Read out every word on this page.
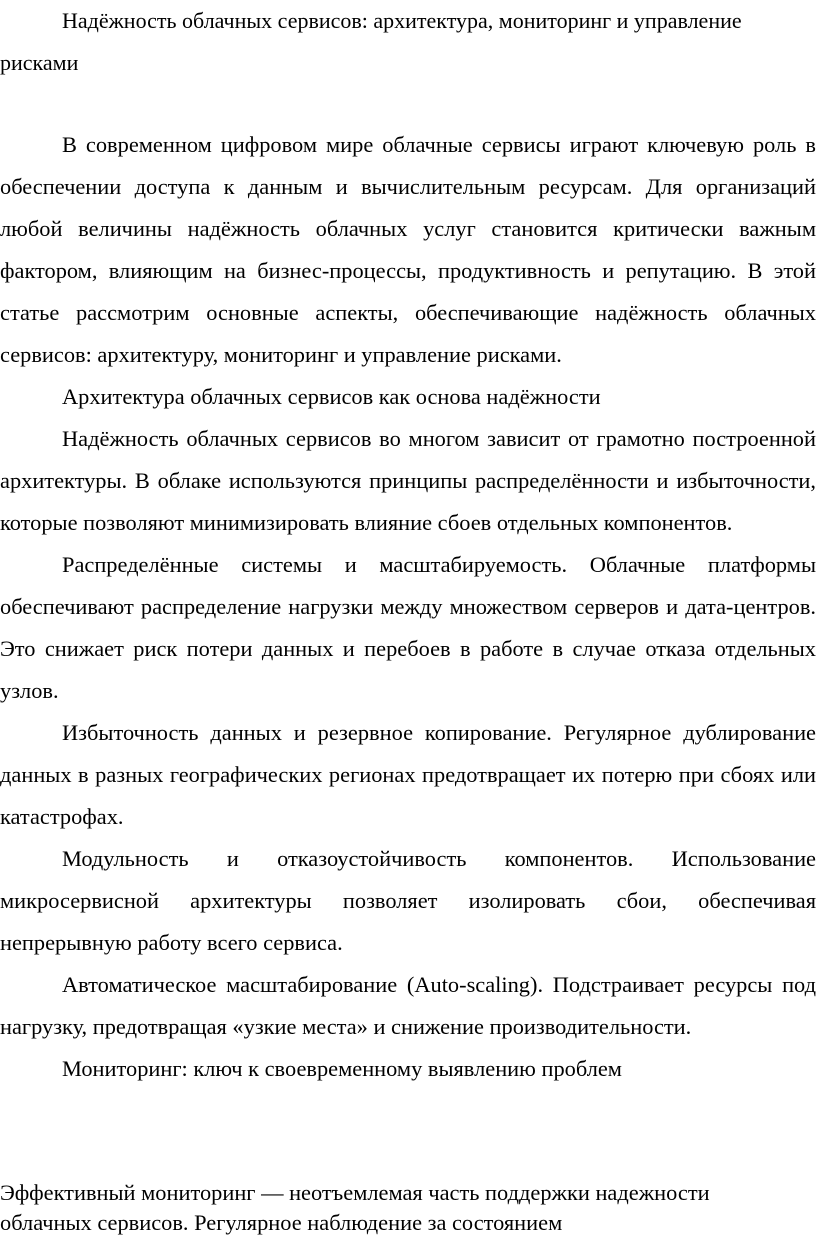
Надёжность облачных сервисов: архитектура, мониторинг и управление рисками

В современном цифровом мире облачные сервисы играют ключевую роль в обеспечении доступа к данным и вычислительным ресурсам. Для организаций любой величины надёжность облачных услуг становится критически важным фактором, влияющим на бизнес-процессы, продуктивность и репутацию. В этой статье рассмотрим основные аспекты, обеспечивающие надёжность облачных сервисов: архитектуру, мониторинг и управление рисками.

Архитектура облачных сервисов как основа надёжности

Надёжность облачных сервисов во многом зависит от грамотно построенной архитектуры. В облаке используются принципы распределённости и избыточности, которые позволяют минимизировать влияние сбоев отдельных компонентов.

Распределённые системы и масштабируемость. Облачные платформы обеспечивают распределение нагрузки между множеством серверов и дата-центров. Это снижает риск потери данных и перебоев в работе в случае отказа отдельных узлов.

Избыточность данных и резервное копирование. Регулярное дублирование данных в разных географических регионах предотвращает их потерю при сбоях или катастрофах.

Модульность и отказоустойчивость компонентов. Использование микросервисной архитектуры позволяет изолировать сбои, обеспечивая непрерывную работу всего сервиса.

Автоматическое масштабирование (Auto-scaling). Подстраивает ресурсы под нагрузку, предотвращая «узкие места» и снижение производительности.

Мониторинг: ключ к своевременному выявлению проблем

Эффективный мониторинг — неотъемлемая часть поддержки надежности
облачных сервисов. Регулярное наблюдение за состоянием
